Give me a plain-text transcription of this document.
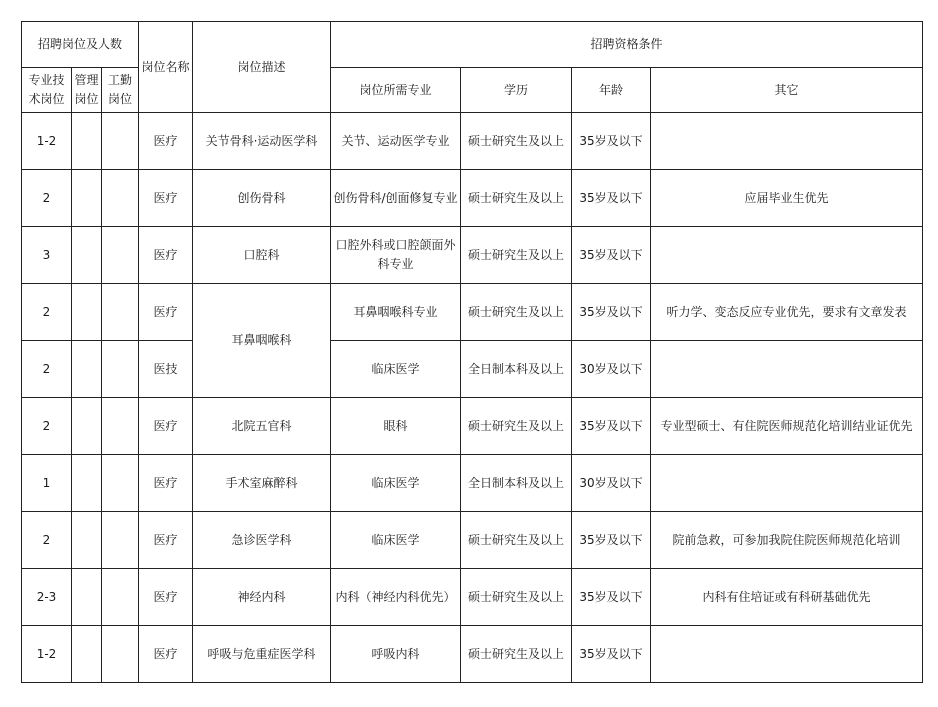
招聘岗位及人数			岗位名称	岗位描述	招聘资格条件			
专业技术岗位	管理岗位	工勤岗位			岗位所需专业	学历	年龄	其它
1-2			医疗	关节骨科·运动医学科	关节、运动医学专业	硕士研究生及以上	35岁及以下	
2			医疗	创伤骨科	创伤骨科/创面修复专业	硕士研究生及以上	35岁及以下	应届毕业生优先
3			医疗	口腔科	口腔外科或口腔颌面外科专业	硕士研究生及以上	35岁及以下	
2			医疗	耳鼻咽喉科	耳鼻咽喉科专业	硕士研究生及以上	35岁及以下	听力学、变态反应专业优先，要求有文章发表
2			医技		临床医学	全日制本科及以上	30岁及以下	
2			医疗	北院五官科	眼科	硕士研究生及以上	35岁及以下	专业型硕士、有住院医师规范化培训结业证优先
1			医疗	手术室麻醉科	临床医学	全日制本科及以上	30岁及以下	
2			医疗	急诊医学科	临床医学	硕士研究生及以上	35岁及以下	院前急救，可参加我院住院医师规范化培训
2-3			医疗	神经内科	内科（神经内科优先）	硕士研究生及以上	35岁及以下	内科有住培证或有科研基础优先
1-2			医疗	呼吸与危重症医学科	呼吸内科	硕士研究生及以上	35岁及以下	
